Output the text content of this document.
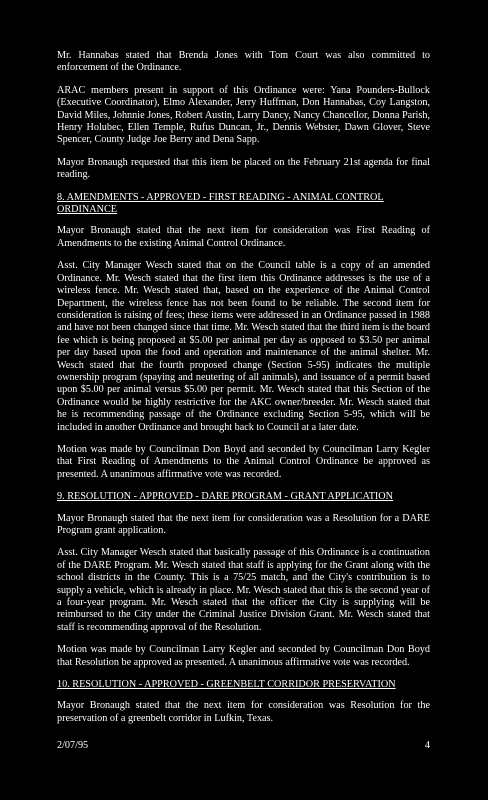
Mr. Hannabas stated that Brenda Jones with Tom Court was also committed to enforcement of the Ordinance.

ARAC members present in support of this Ordinance were: Yana Pounders-Bullock (Executive Coordinator), Elmo Alexander, Jerry Huffman, Don Hannabas, Coy Langston, David Miles, Johnnie Jones, Robert Austin, Larry Dancy, Nancy Chancellor, Donna Parish, Henry Holubec, Ellen Temple, Rufus Duncan, Jr., Dennis Webster, Dawn Glover, Steve Spencer, County Judge Joe Berry and Dena Sapp.

Mayor Bronaugh requested that this item be placed on the February 21st agenda for final reading.

8. AMENDMENTS - APPROVED - FIRST READING - ANIMAL CONTROL ORDINANCE

Mayor Bronaugh stated that the next item for consideration was First Reading of Amendments to the existing Animal Control Ordinance.

Asst. City Manager Wesch stated that on the Council table is a copy of an amended Ordinance. Mr. Wesch stated that the first item this Ordinance addresses is the use of a wireless fence. Mr. Wesch stated that, based on the experience of the Animal Control Department, the wireless fence has not been found to be reliable. The second item for consideration is raising of fees; these items were addressed in an Ordinance passed in 1988 and have not been changed since that time. Mr. Wesch stated that the third item is the board fee which is being proposed at $5.00 per animal per day as opposed to $3.50 per animal per day based upon the food and operation and maintenance of the animal shelter. Mr. Wesch stated that the fourth proposed change (Section 5-95) indicates the multiple ownership program (spaying and neutering of all animals), and issuance of a permit based upon $5.00 per animal versus $5.00 per permit. Mr. Wesch stated that this Section of the Ordinance would be highly restrictive for the AKC owner/breeder. Mr. Wesch stated that he is recommending passage of the Ordinance excluding Section 5-95, which will be included in another Ordinance and brought back to Council at a later date.

Motion was made by Councilman Don Boyd and seconded by Councilman Larry Kegler that First Reading of Amendments to the Animal Control Ordinance be approved as presented. A unanimous affirmative vote was recorded.

9. RESOLUTION - APPROVED - DARE PROGRAM - GRANT APPLICATION

Mayor Bronaugh stated that the next item for consideration was a Resolution for a DARE Program grant application.

Asst. City Manager Wesch stated that basically passage of this Ordinance is a continuation of the DARE Program. Mr. Wesch stated that staff is applying for the Grant along with the school districts in the County. This is a 75/25 match, and the City's contribution is to supply a vehicle, which is already in place. Mr. Wesch stated that this is the second year of a four-year program. Mr. Wesch stated that the officer the City is supplying will be reimbursed to the City under the Criminal Justice Division Grant. Mr. Wesch stated that staff is recommending approval of the Resolution.

Motion was made by Councilman Larry Kegler and seconded by Councilman Don Boyd that Resolution be approved as presented. A unanimous affirmative vote was recorded.

10. RESOLUTION - APPROVED - GREENBELT CORRIDOR PRESERVATION

Mayor Bronaugh stated that the next item for consideration was Resolution for the preservation of a greenbelt corridor in Lufkin, Texas.

2/07/95	4
